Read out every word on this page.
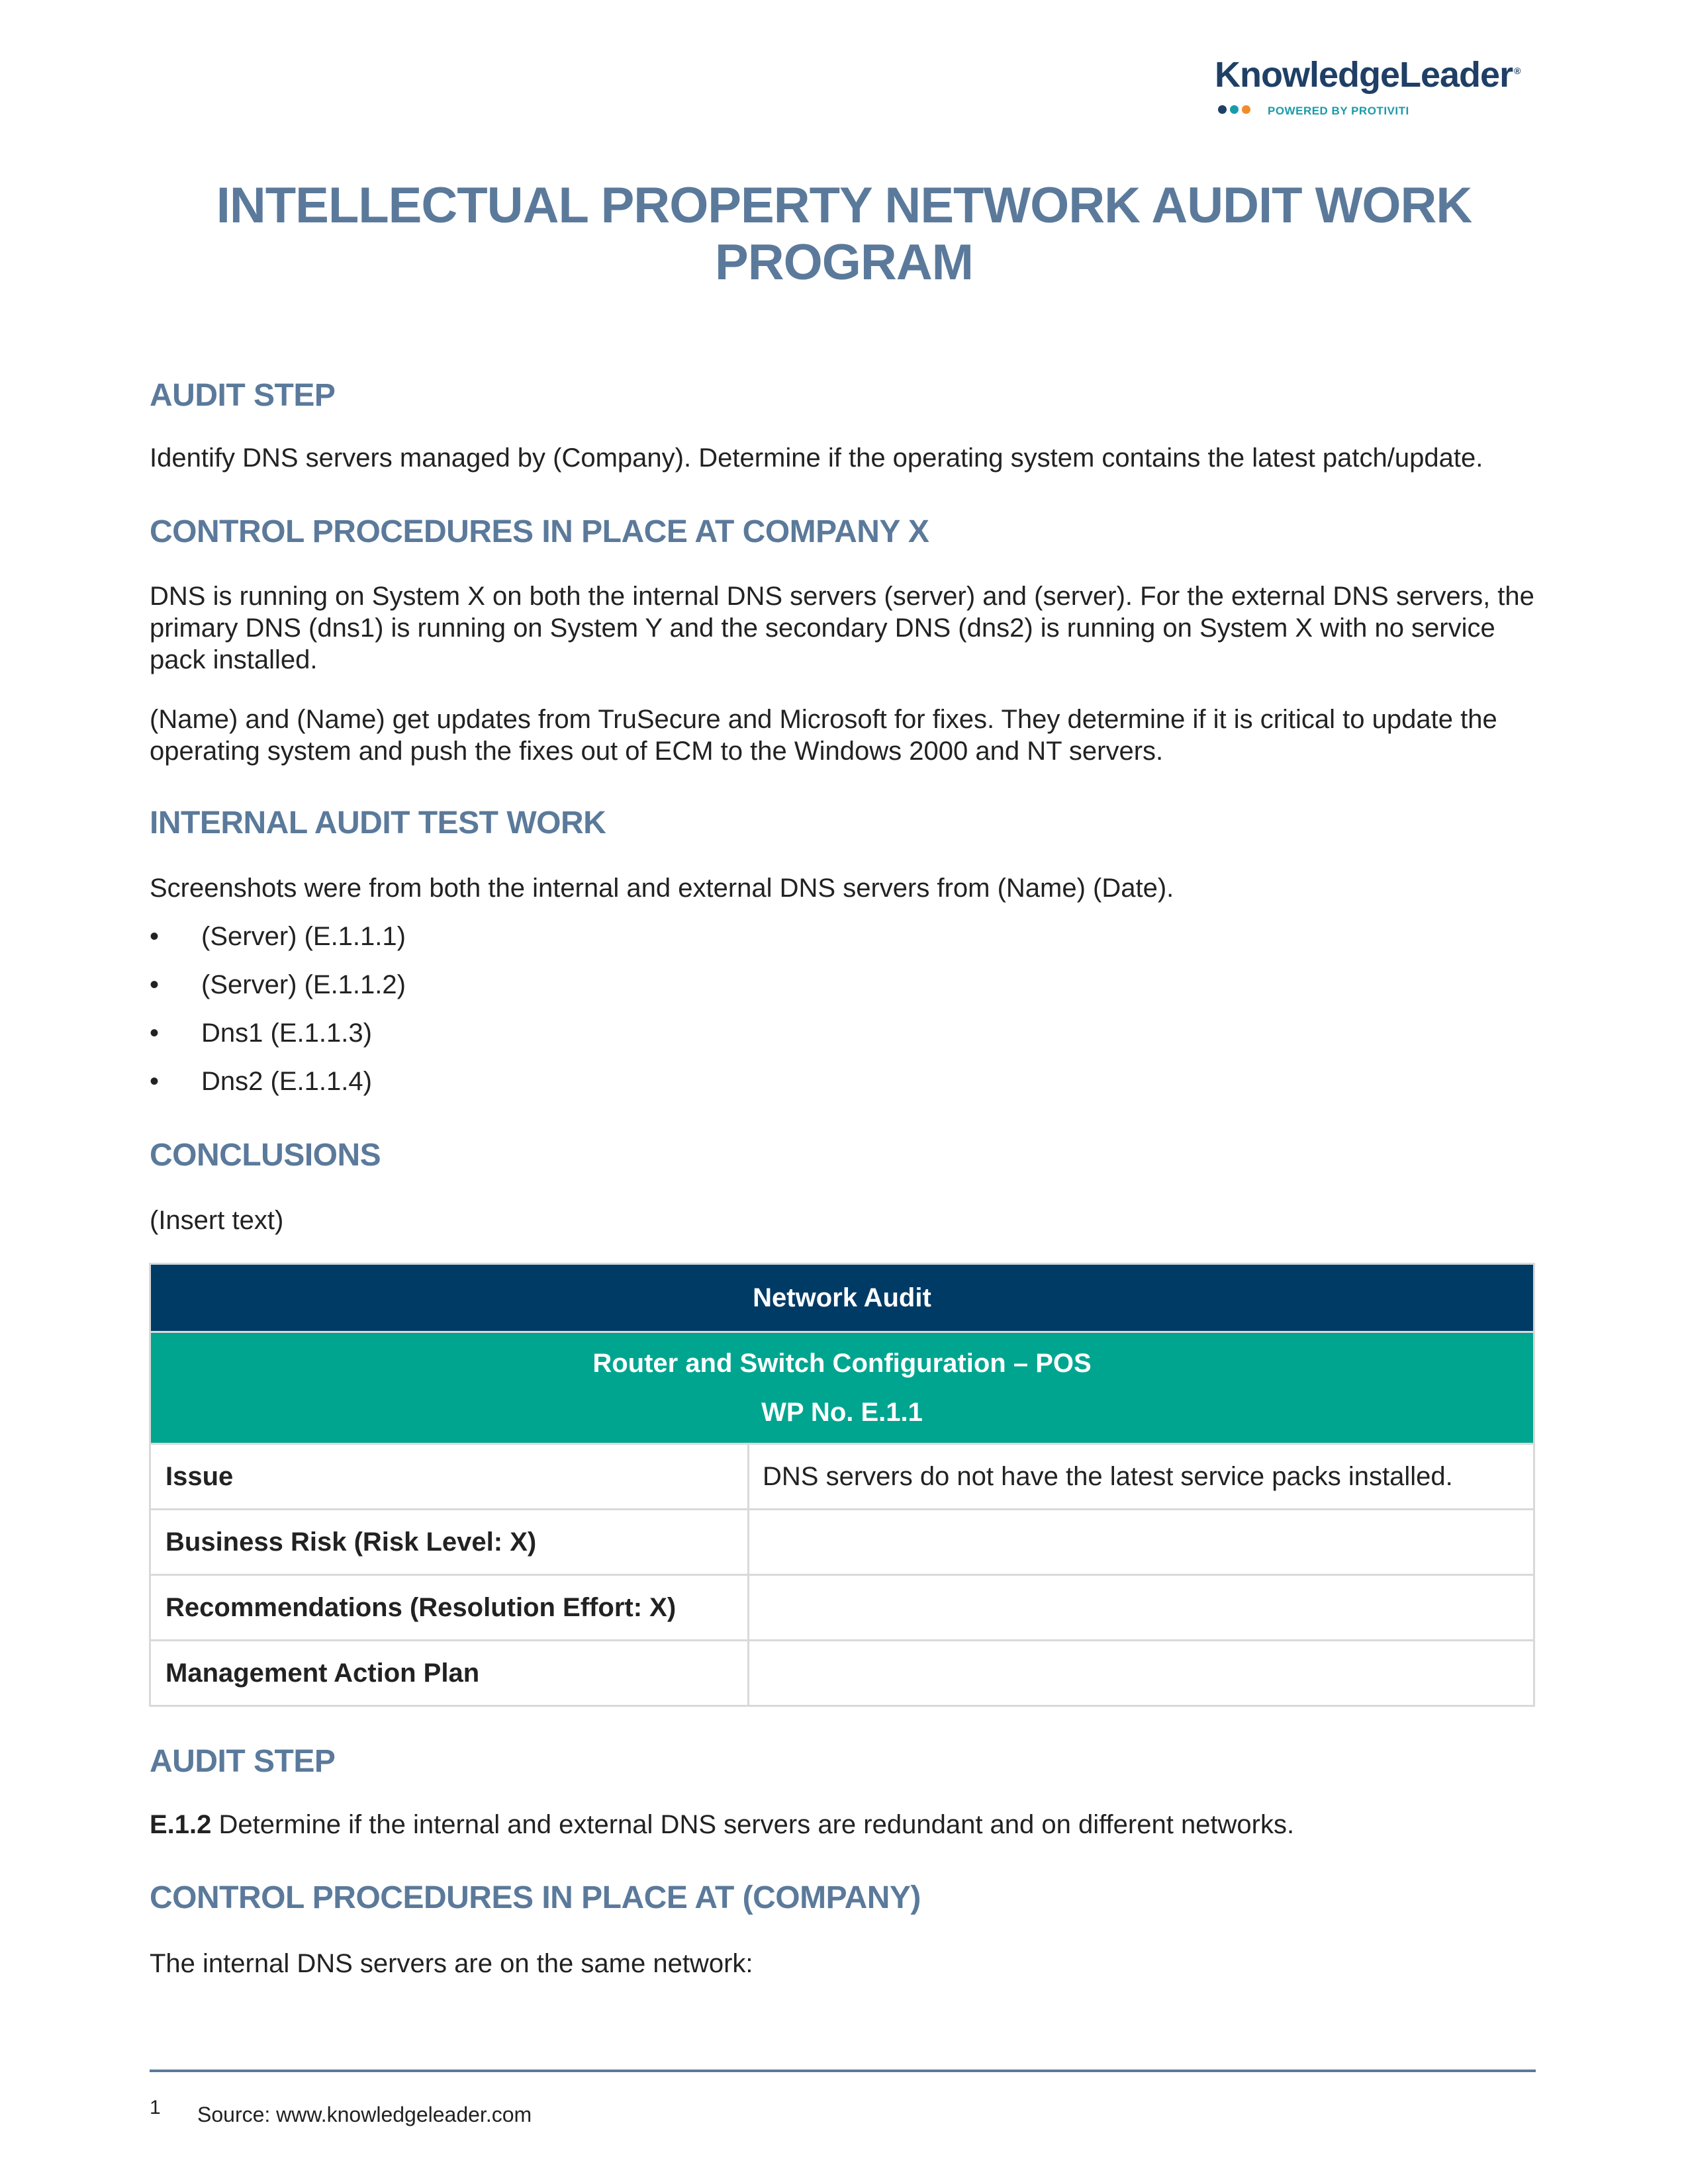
KnowledgeLeader ®
POWERED BY PROTIVITI
INTELLECTUAL PROPERTY NETWORK AUDIT WORK
PROGRAM
AUDIT STEP
Identify DNS servers managed by (Company). Determine if the operating system contains the latest patch/update.
CONTROL PROCEDURES IN PLACE AT COMPANY X
DNS is running on System X on both the internal DNS servers (server) and (server). For the external DNS servers, the primary DNS (dns1) is running on System Y and the secondary DNS (dns2) is running on System X with no service pack installed.
(Name) and (Name) get updates from TruSecure and Microsoft for fixes. They determine if it is critical to update the operating system and push the fixes out of ECM to the Windows 2000 and NT servers.
INTERNAL AUDIT TEST WORK
Screenshots were from both the internal and external DNS servers from (Name) (Date).
• (Server) (E.1.1.1)
• (Server) (E.1.1.2)
• Dns1 (E.1.1.3)
• Dns2 (E.1.1.4)
CONCLUSIONS
(Insert text)
Network Audit	

Router and Switch Configuration – POS
WP No. E.1.1	

Issue	DNS servers do not have the latest service packs installed.
Business Risk (Risk Level: X)	
Recommendations (Resolution Effort: X)	
Management Action Plan	
AUDIT STEP
E.1.2 Determine if the internal and external DNS servers are redundant and on different networks.
CONTROL PROCEDURES IN PLACE AT (COMPANY)
The internal DNS servers are on the same network:
1 Source: www.knowledgeleader.com
